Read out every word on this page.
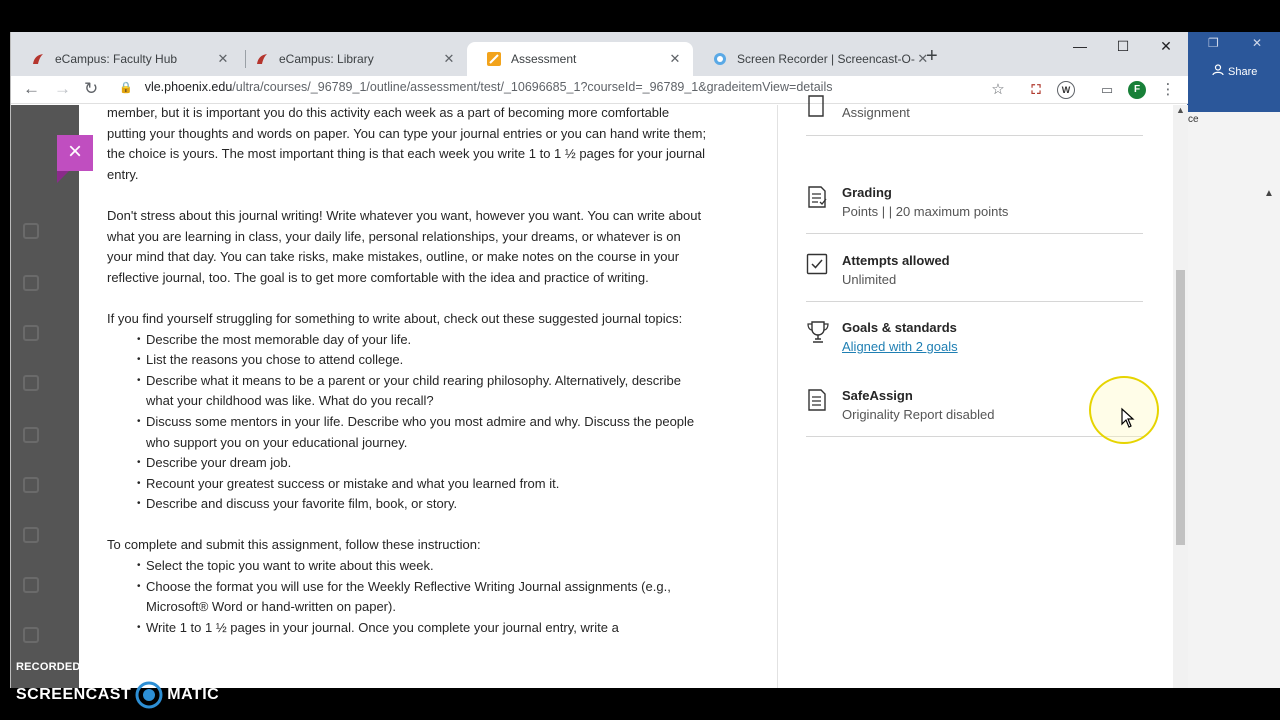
❐	✕
Share
ce
▲
eCampus: Faculty Hub	✕	eCampus: Library	✕	Assessment	✕	Screen Recorder | Screencast-O- ✕
+	—	☐	✕
← → ↻ 🔒 vle.phoenix.edu /ultra/courses/_96789_1/outline/assessment/test/_10696685_1?courseId=_96789_1&gradeitemView=details	☆	⛶	W	▭	F	⋮
×

member, but it is important you do this activity each week as a part of becoming more comfortable putting your thoughts and words on paper. You can type your journal entries or you can hand write them; the choice is yours. The most important thing is that each week you write 1 to 1 ½ pages for your journal entry.

Don't stress about this journal writing! Write whatever you want, however you want. You can write about what you are learning in class, your daily life, personal relationships, your dreams, or whatever is on your mind that day. You can take risks, make mistakes, outline, or make notes on the course in your reflective journal, too. The goal is to get more comfortable with the idea and practice of writing.

If you find yourself struggling for something to write about, check out these suggested journal topics:

• Describe the most memorable day of your life.
• List the reasons you chose to attend college.
• Describe what it means to be a parent or your child rearing philosophy. Alternatively, describe what your childhood was like. What do you recall?
• Discuss some mentors in your life. Describe who you most admire and why. Discuss the people who support you on your educational journey.
• Describe your dream job.
• Recount your greatest success or mistake and what you learned from it.
• Describe and discuss your favorite film, book, or story.

To complete and submit this assignment, follow these instruction:

• Select the topic you want to write about this week.
• Choose the format you will use for the Weekly Reflective Writing Journal assignments (e.g., Microsoft® Word or hand-written on paper).
• Write 1 to 1 ½ pages in your journal. Once you complete your journal entry, write a
Assignment
Grading
Points | | 20 maximum points
Attempts allowed
Unlimited
Goals & standards
Aligned with 2 goals
SafeAssign
Originality Report disabled
▲
RECORDED WITH
SCREENCAST MATIC
